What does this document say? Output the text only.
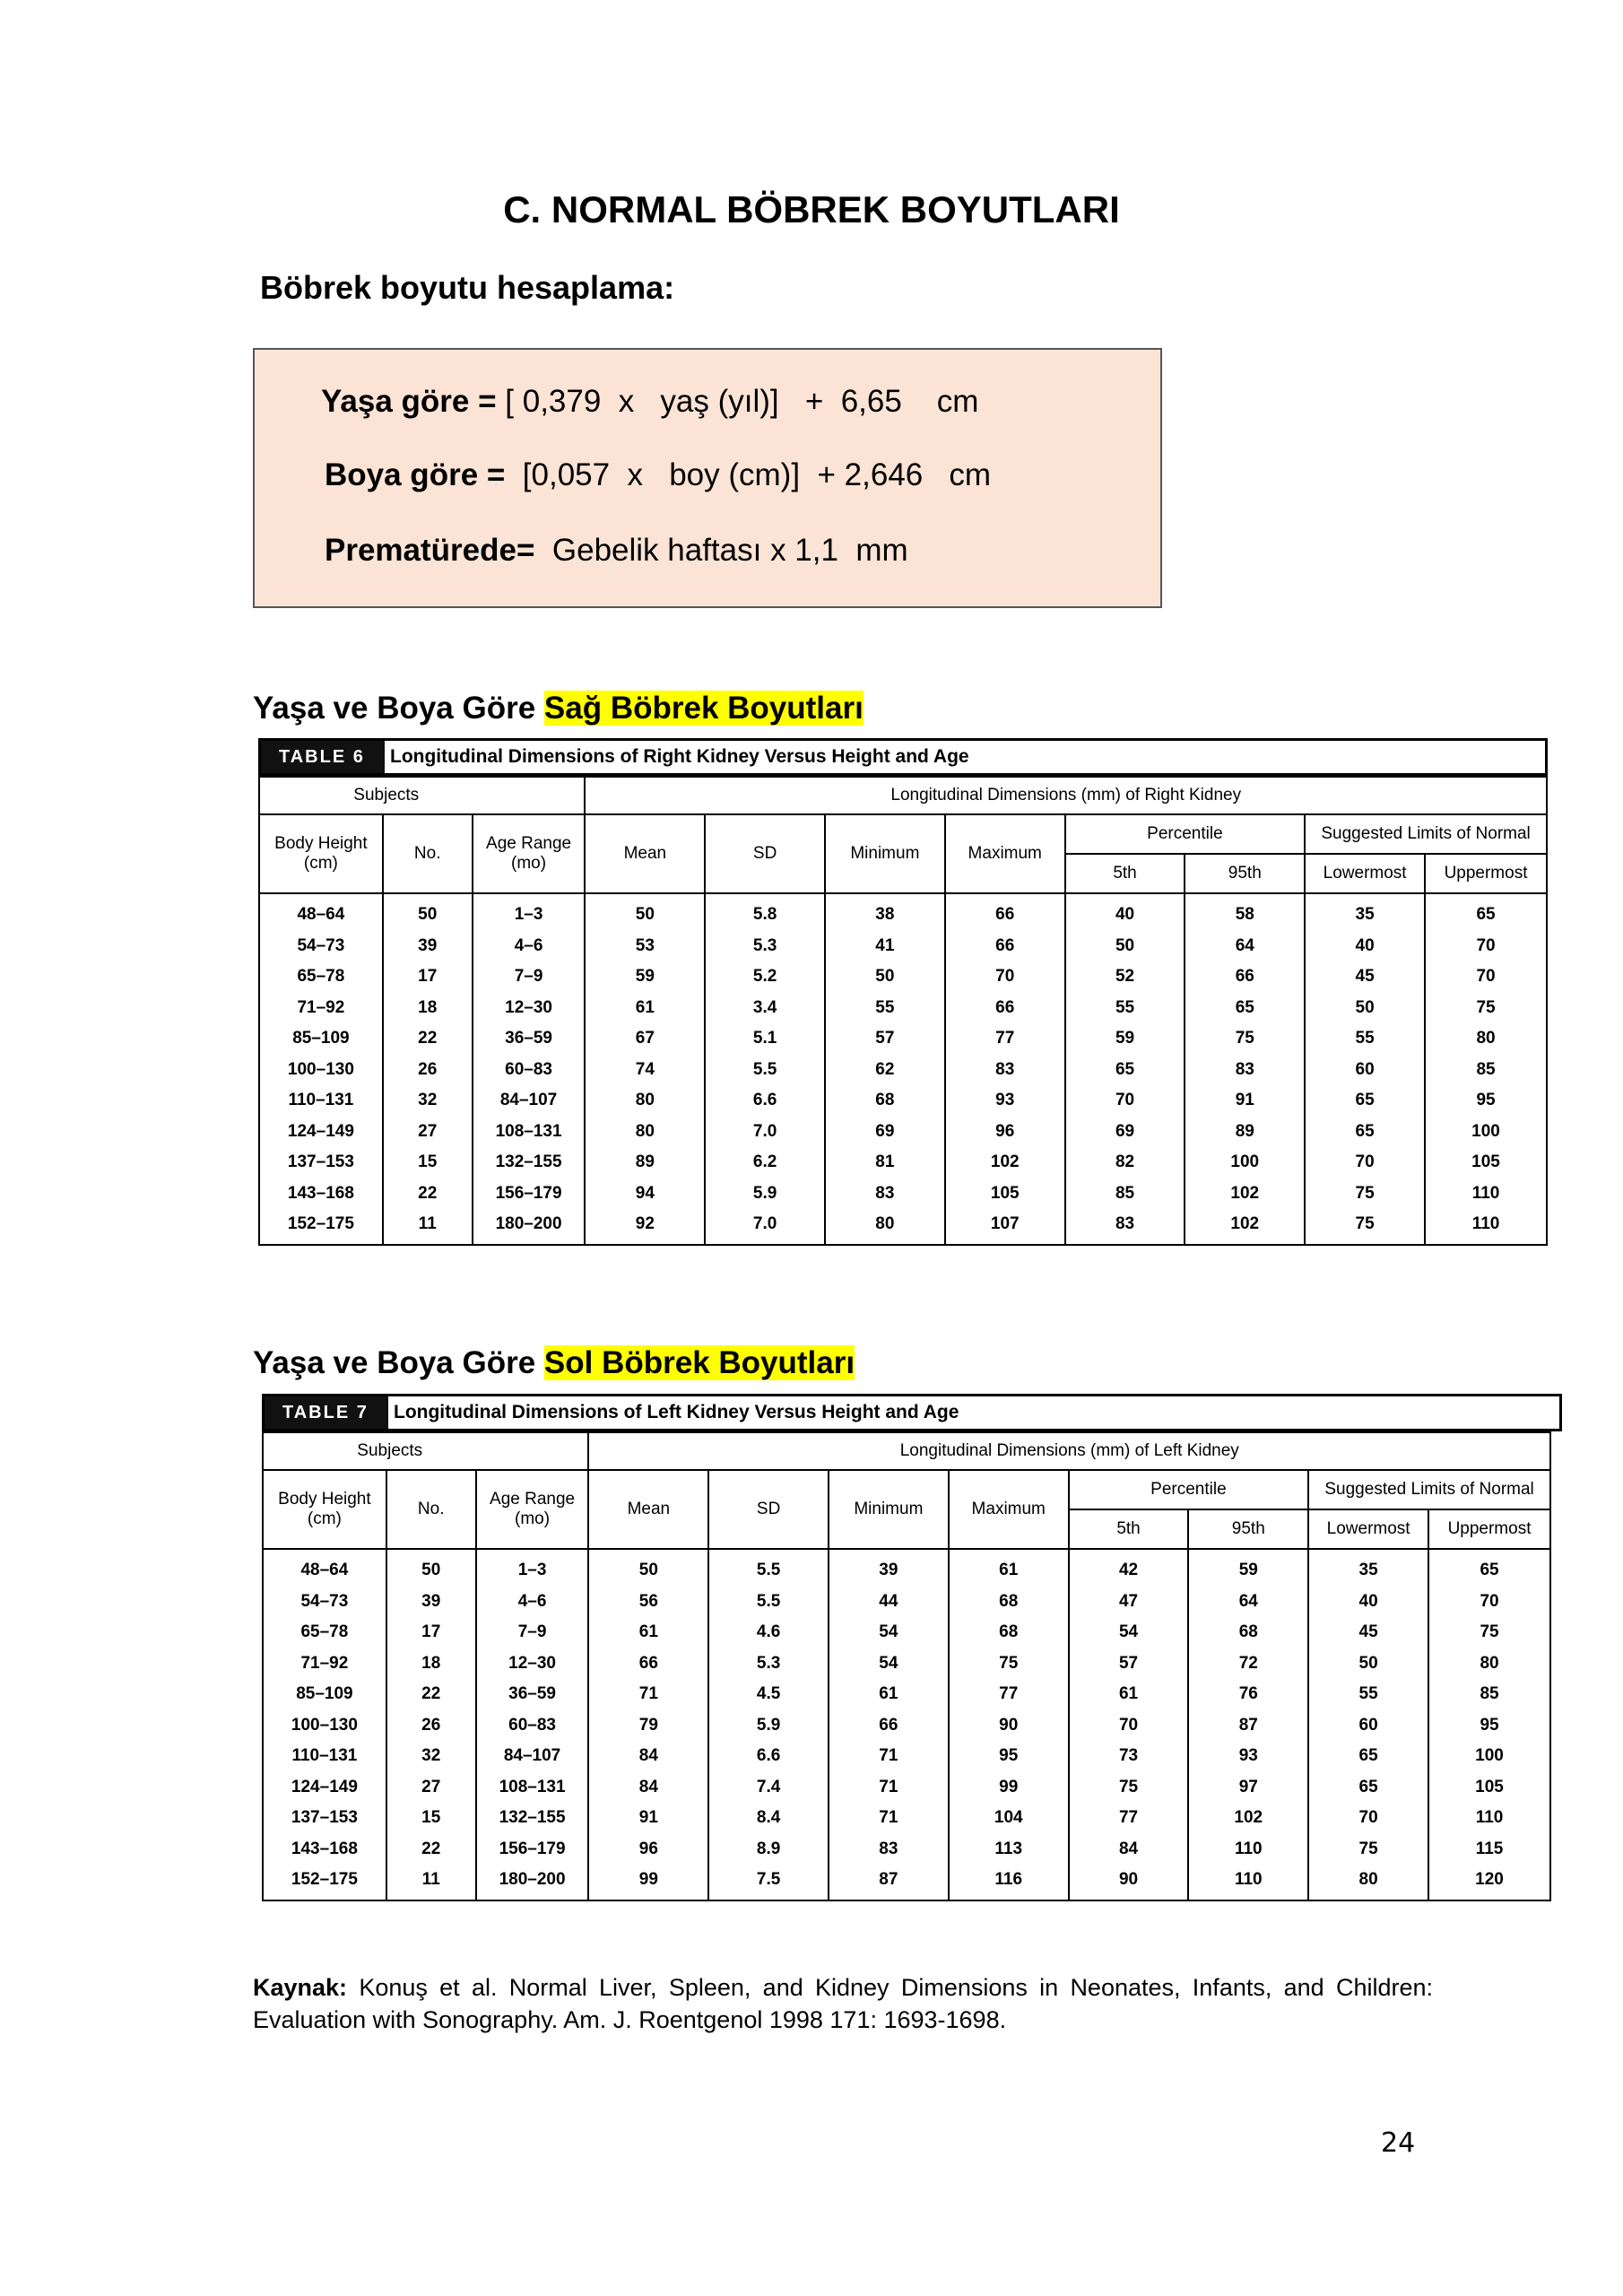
C. NORMAL BÖBREK BOYUTLARI
Böbrek boyutu hesaplama:
Yaşa göre = [ 0,379  x   yaş (yıl)]   +  6,65    cm
Boya göre = [0,057  x   boy (cm)]  + 2,646   cm
Prematürede= Gebelik haftası x 1,1  mm
Yaşa ve Boya Göre Sağ Böbrek Boyutları
TABLE 6	Longitudinal Dimensions of Right Kidney Versus Height and Age
Subjects			Longitudinal Dimensions (mm) of Right Kidney							
Body Height (cm)	No.	Age Range (mo)	Mean	SD	Minimum	Maximum	Percentile		Suggested Limits of Normal	
							5th	95th	Lowermost	Uppermost
48–64	50	1–3	50	5.8	38	66	40	58	35	65
54–73	39	4–6	53	5.3	41	66	50	64	40	70
65–78	17	7–9	59	5.2	50	70	52	66	45	70
71–92	18	12–30	61	3.4	55	66	55	65	50	75
85–109	22	36–59	67	5.1	57	77	59	75	55	80
100–130	26	60–83	74	5.5	62	83	65	83	60	85
110–131	32	84–107	80	6.6	68	93	70	91	65	95
124–149	27	108–131	80	7.0	69	96	69	89	65	100
137–153	15	132–155	89	6.2	81	102	82	100	70	105
143–168	22	156–179	94	5.9	83	105	85	102	75	110
152–175	11	180–200	92	7.0	80	107	83	102	75	110
Yaşa ve Boya Göre Sol Böbrek Boyutları
TABLE 7	Longitudinal Dimensions of Left Kidney Versus Height and Age
Subjects			Longitudinal Dimensions (mm) of Left Kidney							
Body Height (cm)	No.	Age Range (mo)	Mean	SD	Minimum	Maximum	Percentile		Suggested Limits of Normal	
							5th	95th	Lowermost	Uppermost
48–64	50	1–3	50	5.5	39	61	42	59	35	65
54–73	39	4–6	56	5.5	44	68	47	64	40	70
65–78	17	7–9	61	4.6	54	68	54	68	45	75
71–92	18	12–30	66	5.3	54	75	57	72	50	80
85–109	22	36–59	71	4.5	61	77	61	76	55	85
100–130	26	60–83	79	5.9	66	90	70	87	60	95
110–131	32	84–107	84	6.6	71	95	73	93	65	100
124–149	27	108–131	84	7.4	71	99	75	97	65	105
137–153	15	132–155	91	8.4	71	104	77	102	70	110
143–168	22	156–179	96	8.9	83	113	84	110	75	115
152–175	11	180–200	99	7.5	87	116	90	110	80	120
Kaynak: Konuş et al. Normal Liver, Spleen, and Kidney Dimensions in Neonates, Infants, and Children: Evaluation with Sonography. Am. J. Roentgenol 1998 171: 1693-1698.
24
